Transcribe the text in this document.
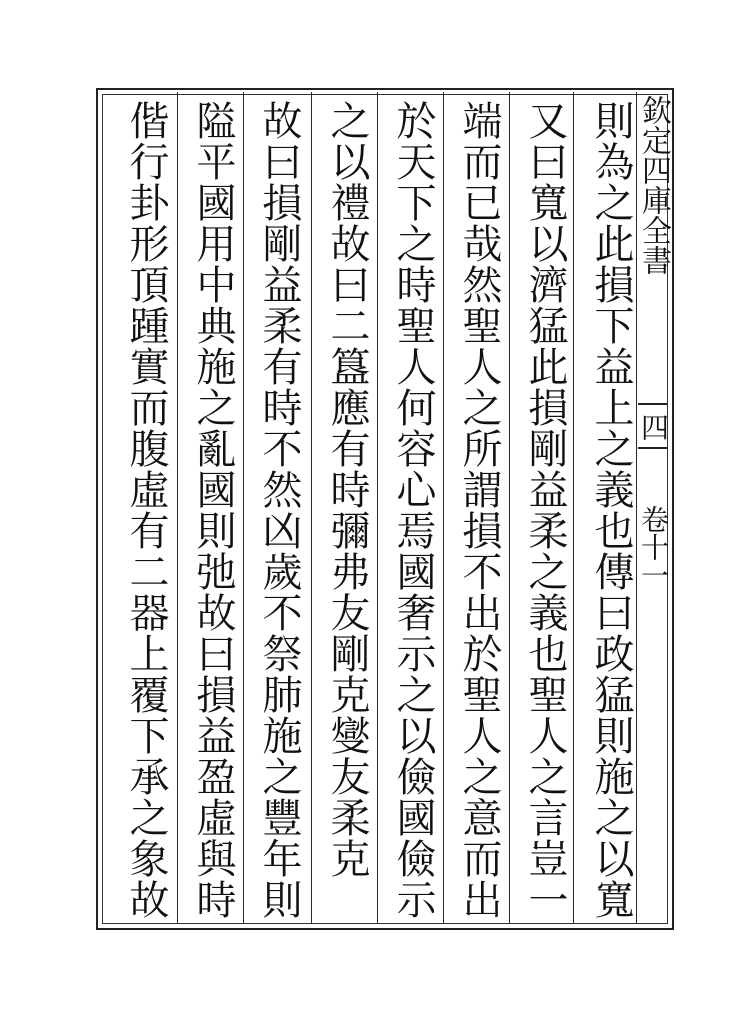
欽定四庫全書
四
卷十一
則為之此損下益上之義也傳曰政猛則施之以寬
又曰寬以濟猛此損剛益柔之義也聖人之言豈一
端而已哉然聖人之所謂損不出於聖人之意而出
於天下之時聖人何容心焉國奢示之以儉國儉示
之以禮故曰二簋應有時彌弗友剛克燮友柔克
故曰損剛益柔有時不然凶歲不祭肺施之豐年則
隘平國用中典施之亂國則弛故曰損益盈虛與時
偕行卦形頂踵實而腹虛有二器上覆下承之象故
